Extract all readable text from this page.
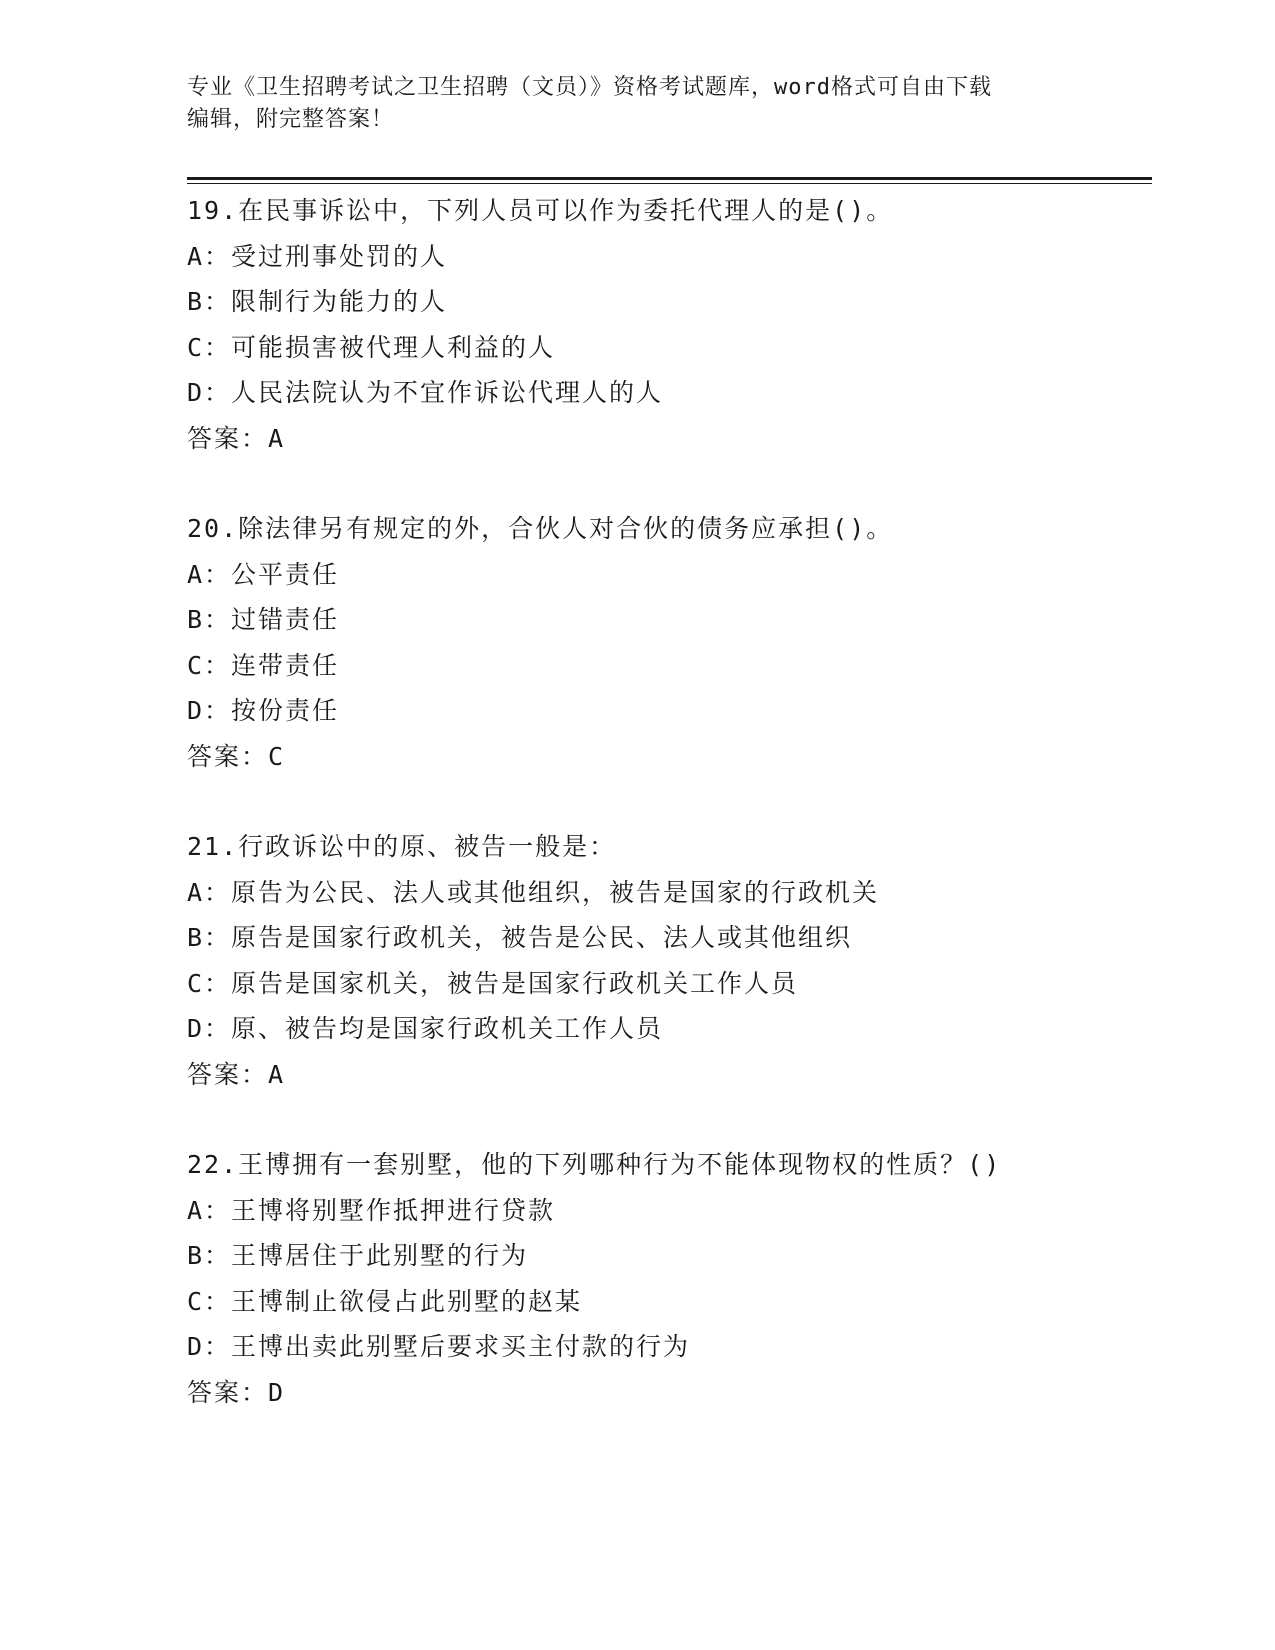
专业《卫生招聘考试之卫生招聘（文员）》资格考试题库，word格式可自由下载
编辑，附完整答案！
19.在民事诉讼中，下列人员可以作为委托代理人的是()。
A：受过刑事处罚的人
B：限制行为能力的人
C：可能损害被代理人利益的人
D：人民法院认为不宜作诉讼代理人的人
答案：A
20.除法律另有规定的外，合伙人对合伙的债务应承担()。
A：公平责任
B：过错责任
C：连带责任
D：按份责任
答案：C
21.行政诉讼中的原、被告一般是：
A：原告为公民、法人或其他组织，被告是国家的行政机关
B：原告是国家行政机关，被告是公民、法人或其他组织
C：原告是国家机关，被告是国家行政机关工作人员
D：原、被告均是国家行政机关工作人员
答案：A
22.王博拥有一套别墅，他的下列哪种行为不能体现物权的性质？()
A：王博将别墅作抵押进行贷款
B：王博居住于此别墅的行为
C：王博制止欲侵占此别墅的赵某
D：王博出卖此别墅后要求买主付款的行为
答案：D
